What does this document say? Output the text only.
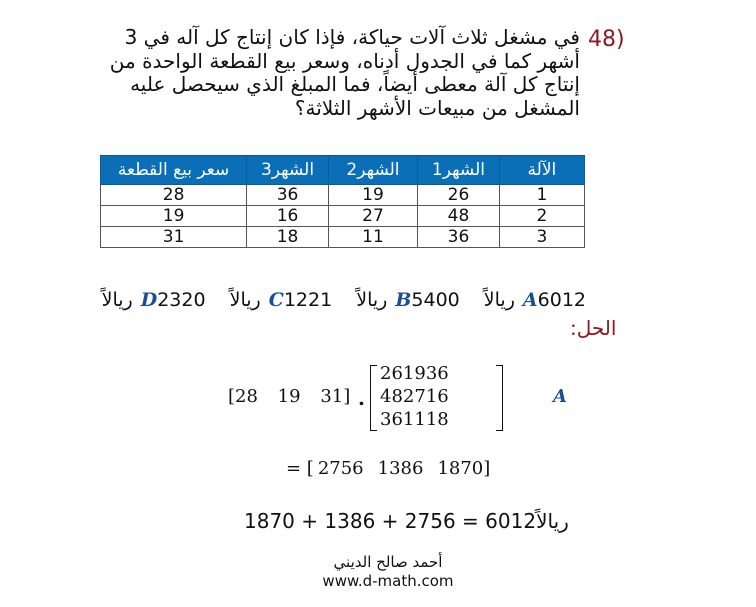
48)
في مشغل ثلاث آلات حياكة، فإذا كان إنتاج كل آله في 3
أشهر كما في الجدول أدناه، وسعر بيع القطعة الواحدة من
إنتاج كل آلة معطى أيضاً، فما المبلغ الذي سيحصل عليه
المشغل من مبيعات الأشهر الثلاثة؟
الآلة	الشهر1	الشهر2	الشهر3	سعر بيع القطعة
1	26	19	36	28
2	48	27	16	19
3	36	11	18	31
A6012ريالاً B5400ريالاً C1221ريالاً D2320ريالاً
الحل:
[28 19 31] .
26	19	36
48	27	16
36	11	18
A
= [ 2756 1386 1870]
ريالاً6012 = 2756 + 1386 + 1870
أحمد صالح الديني
www.d-math.com
